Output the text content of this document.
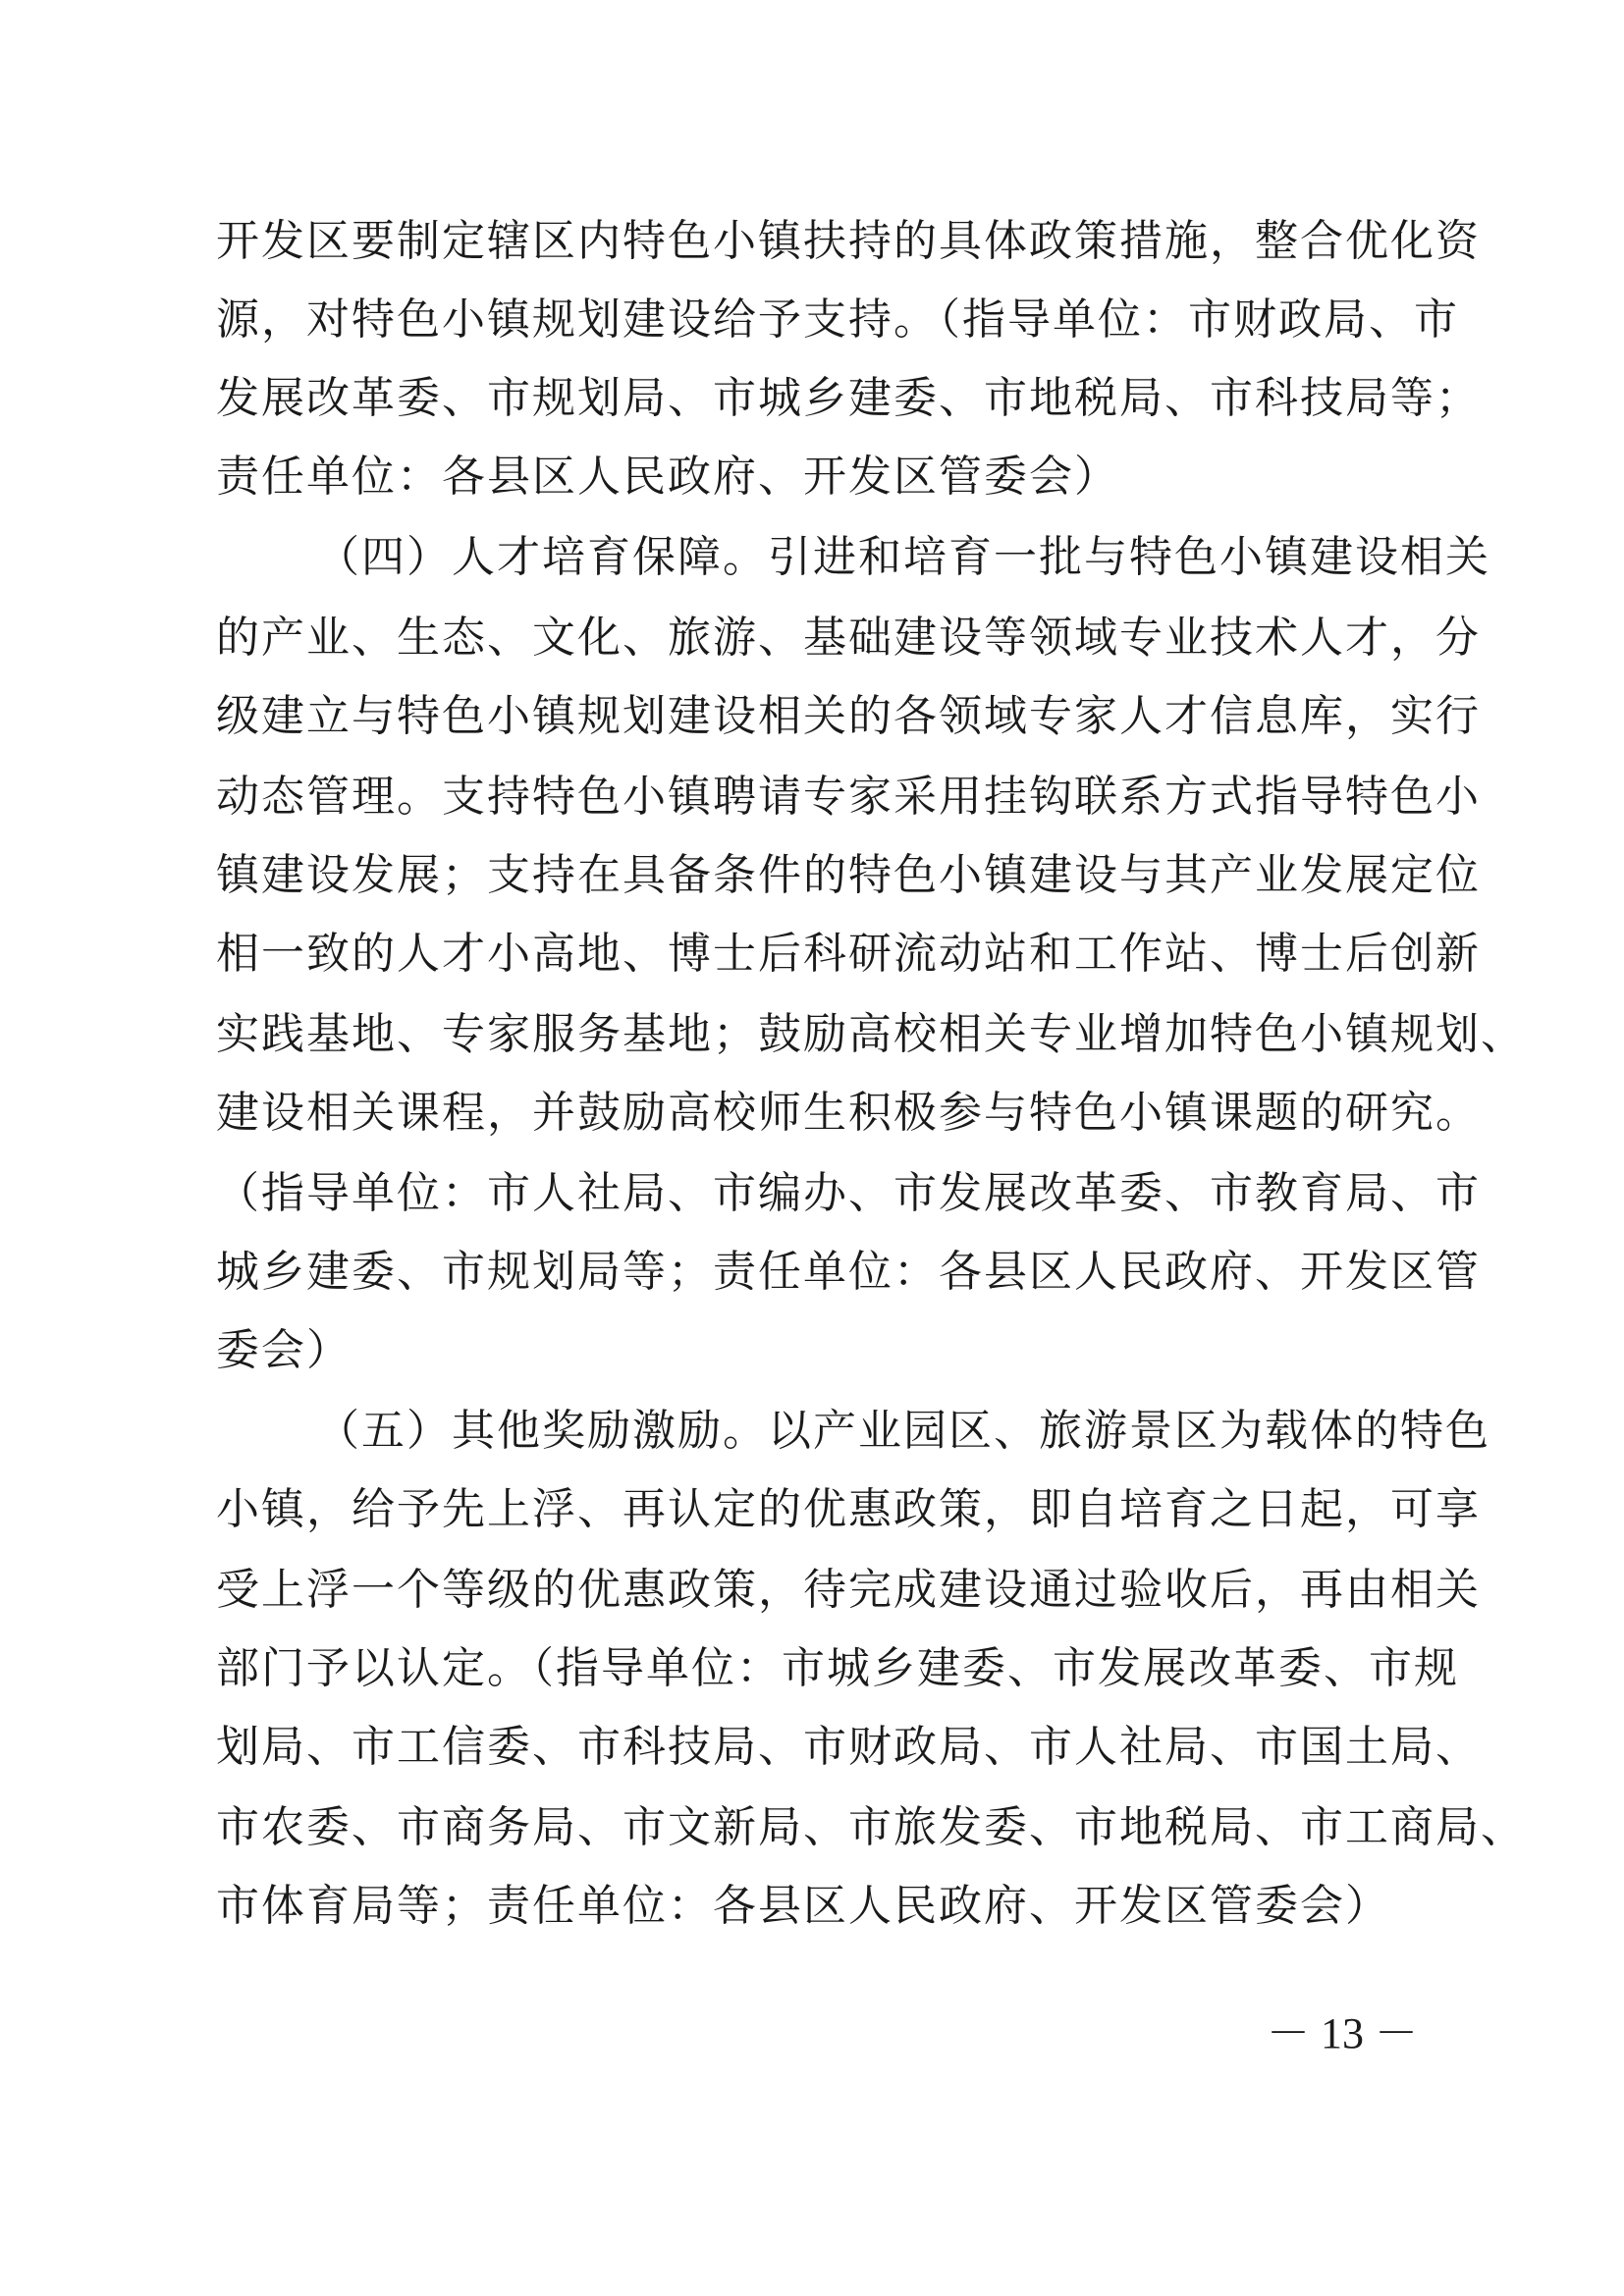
开发区要制定辖区内特色小镇扶持的具体政策措施，整合优化资
源，对特色小镇规划建设给予支持。（指导单位：市财政局、市
发展改革委、市规划局、市城乡建委、市地税局、市科技局等；
责任单位：各县区人民政府、开发区管委会）
（四）人才培育保障。引进和培育一批与特色小镇建设相关
的产业、生态、文化、旅游、基础建设等领域专业技术人才，分
级建立与特色小镇规划建设相关的各领域专家人才信息库，实行
动态管理。支持特色小镇聘请专家采用挂钩联系方式指导特色小
镇建设发展；支持在具备条件的特色小镇建设与其产业发展定位
相一致的人才小高地、博士后科研流动站和工作站、博士后创新
实践基地、专家服务基地；鼓励高校相关专业增加特色小镇规划、
建设相关课程，并鼓励高校师生积极参与特色小镇课题的研究。
（指导单位：市人社局、市编办、市发展改革委、市教育局、市
城乡建委、市规划局等；责任单位：各县区人民政府、开发区管
委会）
（五）其他奖励激励。以产业园区、旅游景区为载体的特色
小镇，给予先上浮、再认定的优惠政策，即自培育之日起，可享
受上浮一个等级的优惠政策，待完成建设通过验收后，再由相关
部门予以认定。（指导单位：市城乡建委、市发展改革委、市规
划局、市工信委、市科技局、市财政局、市人社局、市国土局、
市农委、市商务局、市文新局、市旅发委、市地税局、市工商局、
市体育局等；责任单位：各县区人民政府、开发区管委会）
－ 13 －
